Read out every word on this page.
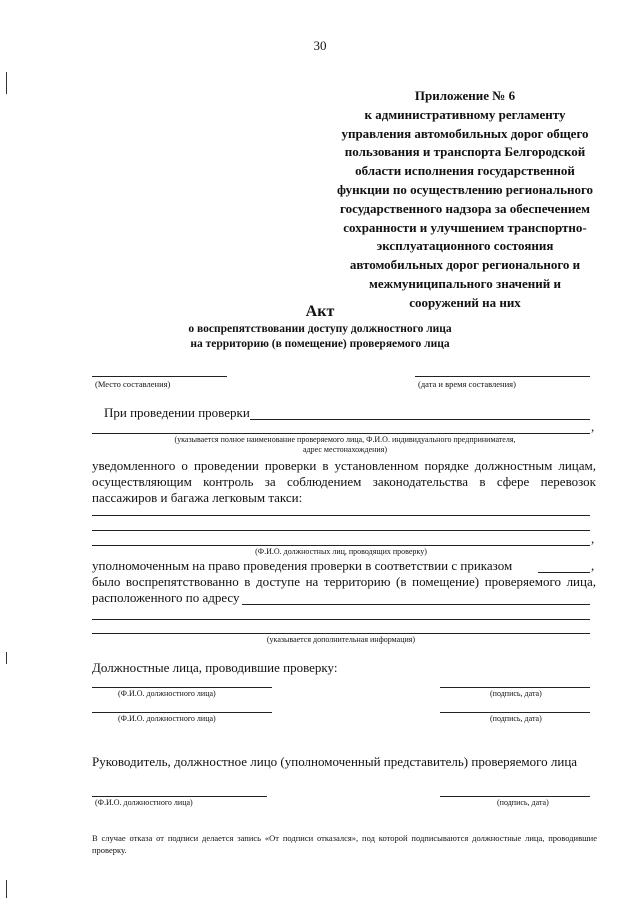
30
Приложение № 6
к административному регламенту
управления автомобильных дорог общего
пользования и транспорта Белгородской
области исполнения государственной
функции по осуществлению регионального
государственного надзора за обеспечением
сохранности и улучшением транспортно-
эксплуатационного состояния
автомобильных дорог регионального и
межмуниципального значений и
сооружений на них
Акт
о воспрепятствовании доступу должностного лица
на территорию (в помещение) проверяемого лица
(Место составления)	(дата и время составления)
При проведении проверки
,
(указывается полное наименование проверяемого лица, Ф.И.О. индивидуального предпринимателя,
адрес местонахождения)
уведомленного о проведении проверки в установленном порядке должностным лицам,
осуществляющим контроль за соблюдением законодательства в сфере перевозок
пассажиров и багажа легковым такси:
,
(Ф.И.О. должностных лиц, проводящих проверку)
уполномоченным на право проведения проверки в соответствии с приказом	,
было воспрепятствованно в доступе на территорию (в помещение) проверяемого лица,
расположенного по адресу
(указывается дополнительная информация)
Должностные лица, проводившие проверку:
(Ф.И.О. должностного лица)	(подпись, дата)
(Ф.И.О. должностного лица)	(подпись, дата)
Руководитель, должностное лицо (уполномоченный представитель) проверяемого лица
(Ф.И.О. должностного лица)	(подпись, дата)
В случае отказа от подписи делается запись «От подписи отказался», под которой подписываются должностные лица, проводившие проверку.
